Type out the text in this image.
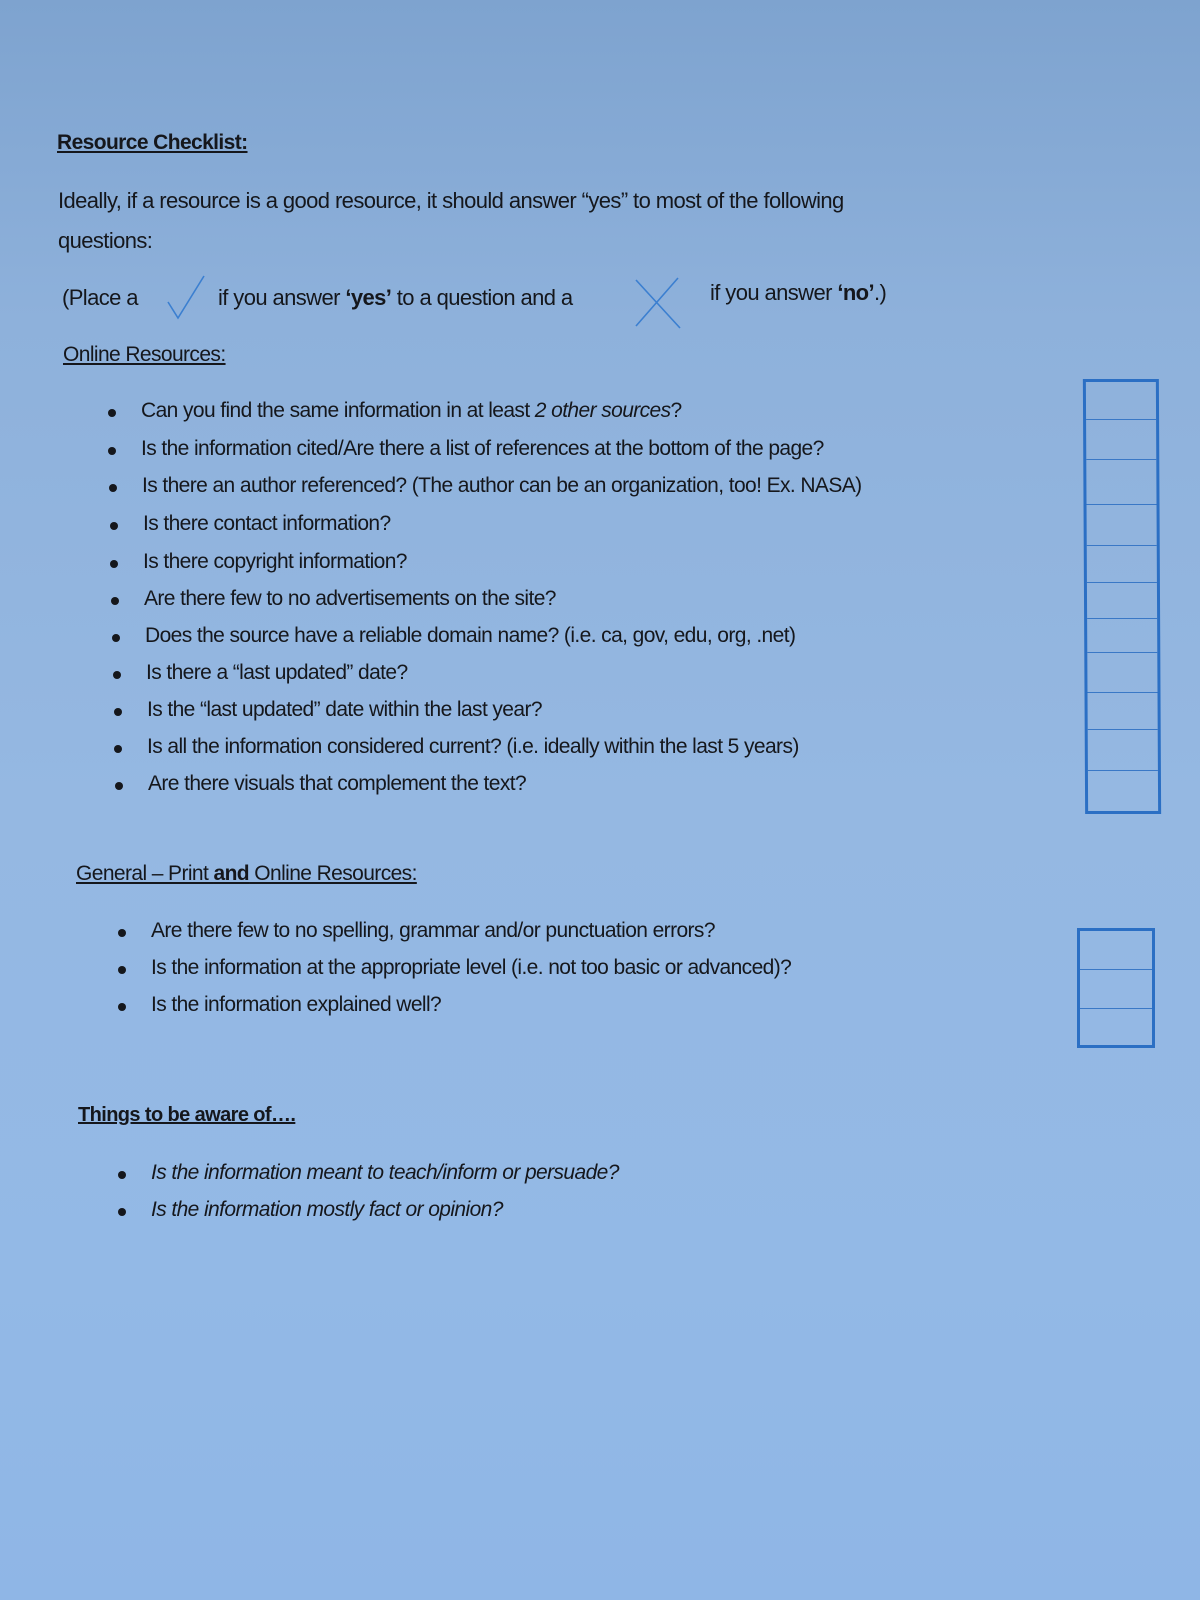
Resource Checklist:
Ideally, if a resource is a good resource, it should answer “yes” to most of the following
questions:
(Place a	if you answer ‘yes’ to a question and a	if you answer ‘no’.)
Online Resources:
Can you find the same information in at least 2 other sources?
Is the information cited/Are there a list of references at the bottom of the page?
Is there an author referenced? (The author can be an organization, too! Ex. NASA)
Is there contact information?
Is there copyright information?
Are there few to no advertisements on the site?
Does the source have a reliable domain name? (i.e. ca, gov, edu, org, .net)
Is there a “last updated” date?
Is the “last updated” date within the last year?
Is all the information considered current? (i.e. ideally within the last 5 years)
Are there visuals that complement the text?
General – Print and Online Resources:
Are there few to no spelling, grammar and/or punctuation errors?
Is the information at the appropriate level (i.e. not too basic or advanced)?
Is the information explained well?
Things to be aware of….
Is the information meant to teach/inform or persuade?
Is the information mostly fact or opinion?
